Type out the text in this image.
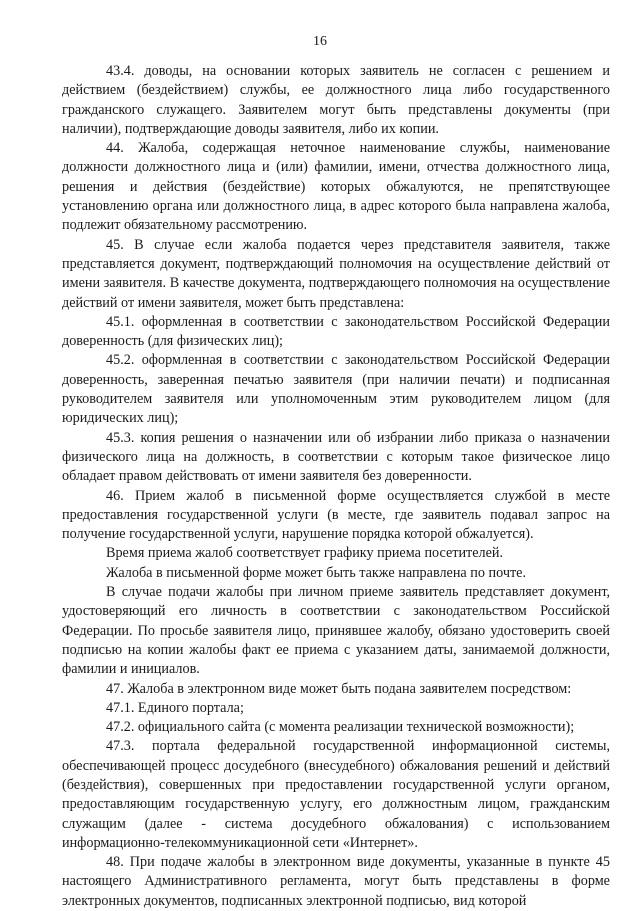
16

43.4. доводы, на основании которых заявитель не согласен с решением и действием (бездействием) службы, ее должностного лица либо государственного гражданского служащего. Заявителем могут быть представлены документы (при наличии), подтверждающие доводы заявителя, либо их копии.

44. Жалоба, содержащая неточное наименование службы, наименование должности должностного лица и (или) фамилии, имени, отчества должностного лица, решения и действия (бездействие) которых обжалуются, не препятствующее установлению органа или должностного лица, в адрес которого была направлена жалоба, подлежит обязательному рассмотрению.

45. В случае если жалоба подается через представителя заявителя, также представляется документ, подтверждающий полномочия на осуществление действий от имени заявителя. В качестве документа, подтверждающего полномочия на осуществление действий от имени заявителя, может быть представлена:

45.1. оформленная в соответствии с законодательством Российской Федерации доверенность (для физических лиц);

45.2. оформленная в соответствии с законодательством Российской Федерации доверенность, заверенная печатью заявителя (при наличии печати) и подписанная руководителем заявителя или уполномоченным этим руководителем лицом (для юридических лиц);

45.3. копия решения о назначении или об избрании либо приказа о назначении физического лица на должность, в соответствии с которым такое физическое лицо обладает правом действовать от имени заявителя без доверенности.

46. Прием жалоб в письменной форме осуществляется службой в месте предоставления государственной услуги (в месте, где заявитель подавал запрос на получение государственной услуги, нарушение порядка которой обжалуется).

Время приема жалоб соответствует графику приема посетителей.

Жалоба в письменной форме может быть также направлена по почте.

В случае подачи жалобы при личном приеме заявитель представляет документ, удостоверяющий его личность в соответствии с законодательством Российской Федерации. По просьбе заявителя лицо, принявшее жалобу, обязано удостоверить своей подписью на копии жалобы факт ее приема с указанием даты, занимаемой должности, фамилии и инициалов.

47. Жалоба в электронном виде может быть подана заявителем посредством:

47.1. Единого портала;

47.2. официального сайта (с момента реализации технической возможности);

47.3. портала федеральной государственной информационной системы, обеспечивающей процесс досудебного (внесудебного) обжалования решений и действий (бездействия), совершенных при предоставлении государственной услуги органом, предоставляющим государственную услугу, его должностным лицом, гражданским служащим (далее - система досудебного обжалования) с использованием информационно-телекоммуникационной сети «Интернет».

48. При подаче жалобы в электронном виде документы, указанные в пункте 45 настоящего Административного регламента, могут быть представлены в форме электронных документов, подписанных электронной подписью, вид которой
